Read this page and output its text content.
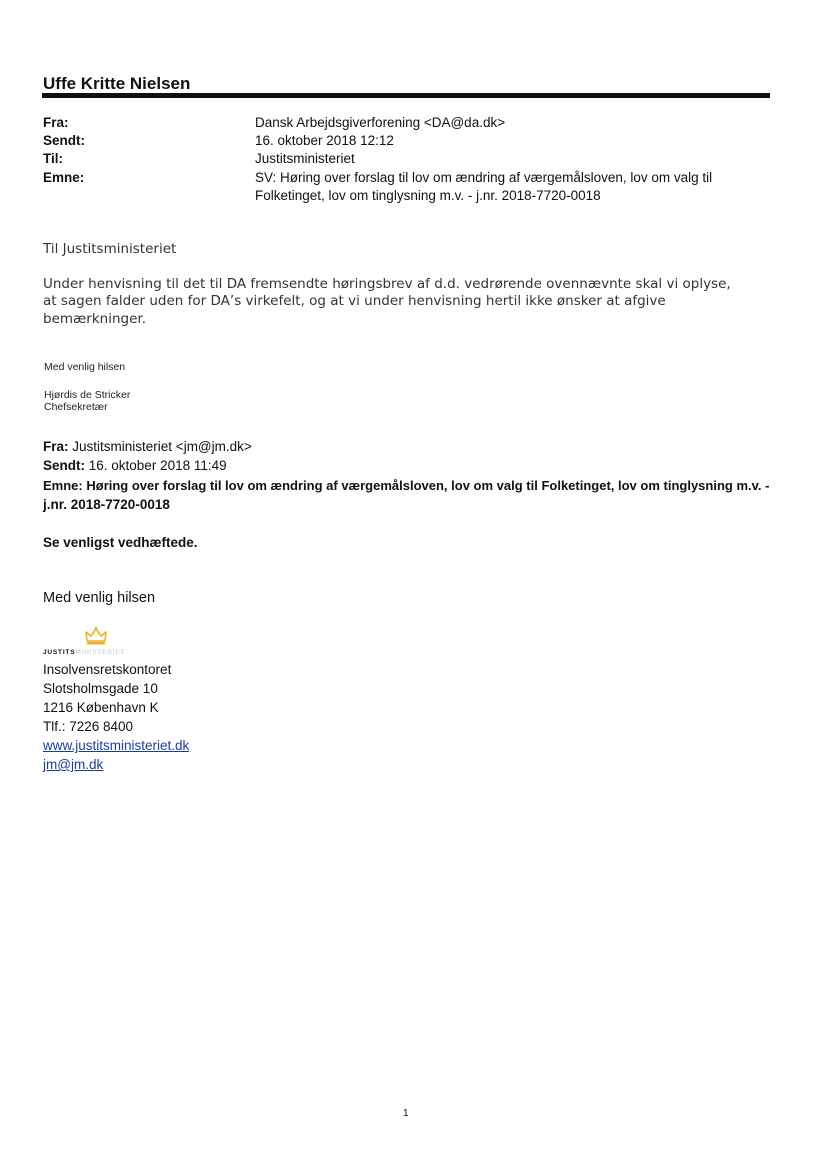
Uffe Kritte Nielsen
Fra:	Dansk Arbejdsgiverforening <DA@da.dk>
Sendt:	16. oktober 2018 12:12
Til:	Justitsministeriet
Emne:	SV: Høring over forslag til lov om ændring af værgemålsloven, lov om valg til
Folketinget, lov om tinglysning m.v. - j.nr. 2018-7720-0018
Til Justitsministeriet
Under henvisning til det til DA fremsendte høringsbrev af d.d. vedrørende ovennævnte skal vi oplyse,
at sagen falder uden for DA’s virkefelt, og at vi under henvisning hertil ikke ønsker at afgive
bemærkninger.
Med venlig hilsen
Hjørdis de Stricker
Chefsekretær
Fra: Justitsministeriet <jm@jm.dk>
Sendt: 16. oktober 2018 11:49
Emne: Høring over forslag til lov om ændring af værgemålsloven, lov om valg til Folketinget, lov om tinglysning m.v. -
j.nr. 2018-7720-0018
Se venligst vedhæftede.
Med venlig hilsen
JUSTITSMINISTERIET
Insolvensretskontoret
Slotsholmsgade 10
1216 København K
Tlf.: 7226 8400
www.justitsministeriet.dk
jm@jm.dk
1
